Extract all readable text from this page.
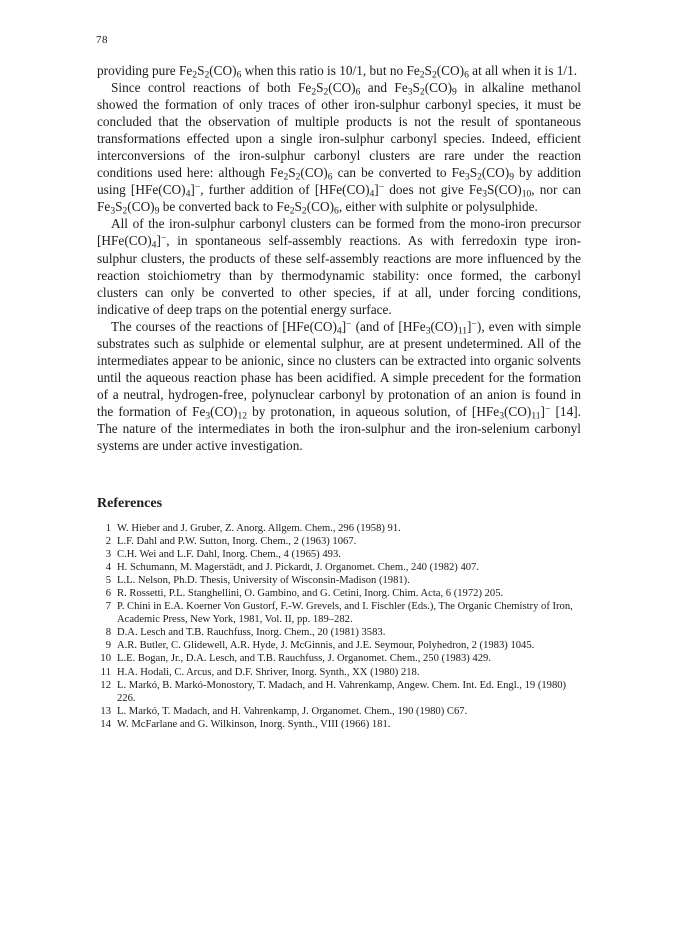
78

providing pure $Fe_2S_2(CO)_6$ when this ratio is 10/1, but no $Fe_2S_2(CO)_6$ at all when it is 1/1.

Since control reactions of both $Fe_2S_2(CO)_6$ and $Fe_3S_2(CO)_9$ in alkaline methanol showed the formation of only traces of other iron-sulphur carbonyl species, it must be concluded that the observation of multiple products is not the result of spontaneous transformations effected upon a single iron-sulphur carbonyl species. Indeed, efficient interconversions of the iron-sulphur carbonyl clusters are rare under the reaction conditions used here: although $Fe_2S_2(CO)_6$ can be converted to $Fe_3S_2(CO)_9$ by addition using $[HFe(CO)_4]^-$, further addition of $[HFe(CO)_4]^-$ does not give $Fe_3S(CO)_{10}$, nor can $Fe_3S_2(CO)_9$ be converted back to $Fe_2S_2(CO)_6$, either with sulphite or polysulphide.

All of the iron-sulphur carbonyl clusters can be formed from the mono-iron precursor $[HFe(CO)_4]^-$, in spontaneous self-assembly reactions. As with ferredoxin type iron-sulphur clusters, the products of these self-assembly reactions are more influenced by the reaction stoichiometry than by thermodynamic stability: once formed, the carbonyl clusters can only be converted to other species, if at all, under forcing conditions, indicative of deep traps on the potential energy surface.

The courses of the reactions of $[HFe(CO)_4]^-$ (and of $[HFe_3(CO)_{11}]^-$), even with simple substrates such as sulphide or elemental sulphur, are at present undetermined. All of the intermediates appear to be anionic, since no clusters can be extracted into organic solvents until the aqueous reaction phase has been acidified. A simple precedent for the formation of a neutral, hydrogen-free, polynuclear carbonyl by protonation of an anion is found in the formation of $Fe_3(CO)_{12}$ by protonation, in aqueous solution, of $[HFe_3(CO)_{11}]^-$ [14]. The nature of the intermediates in both the iron-sulphur and the iron-selenium carbonyl systems are under active investigation.

References
1 W. Hieber and J. Gruber, Z. Anorg. Allgem. Chem., 296 (1958) 91.
2 L.F. Dahl and P.W. Sutton, Inorg. Chem., 2 (1963) 1067.
3 C.H. Wei and L.F. Dahl, Inorg. Chem., 4 (1965) 493.
4 H. Schumann, M. Magerstädt, and J. Pickardt, J. Organomet. Chem., 240 (1982) 407.
5 L.L. Nelson, Ph.D. Thesis, University of Wisconsin-Madison (1981).
6 R. Rossetti, P.L. Stanghellini, O. Gambino, and G. Cetini, Inorg. Chim. Acta, 6 (1972) 205.
7 P. Chini in E.A. Koerner Von Gustorf, F.-W. Grevels, and I. Fischler (Eds.), The Organic Chemistry of Iron, Academic Press, New York, 1981, Vol. II, pp. 189–282.
8 D.A. Lesch and T.B. Rauchfuss, Inorg. Chem., 20 (1981) 3583.
9 A.R. Butler, C. Glidewell, A.R. Hyde, J. McGinnis, and J.E. Seymour, Polyhedron, 2 (1983) 1045.
10 L.E. Bogan, Jr., D.A. Lesch, and T.B. Rauchfuss, J. Organomet. Chem., 250 (1983) 429.
11 H.A. Hodali, C. Arcus, and D.F. Shriver, Inorg. Synth., XX (1980) 218.
12 L. Markó, B. Markó-Monostory, T. Madach, and H. Vahrenkamp, Angew. Chem. Int. Ed. Engl., 19 (1980) 226.
13 L. Markó, T. Madach, and H. Vahrenkamp, J. Organomet. Chem., 190 (1980) C67.
14 W. McFarlane and G. Wilkinson, Inorg. Synth., VIII (1966) 181.
